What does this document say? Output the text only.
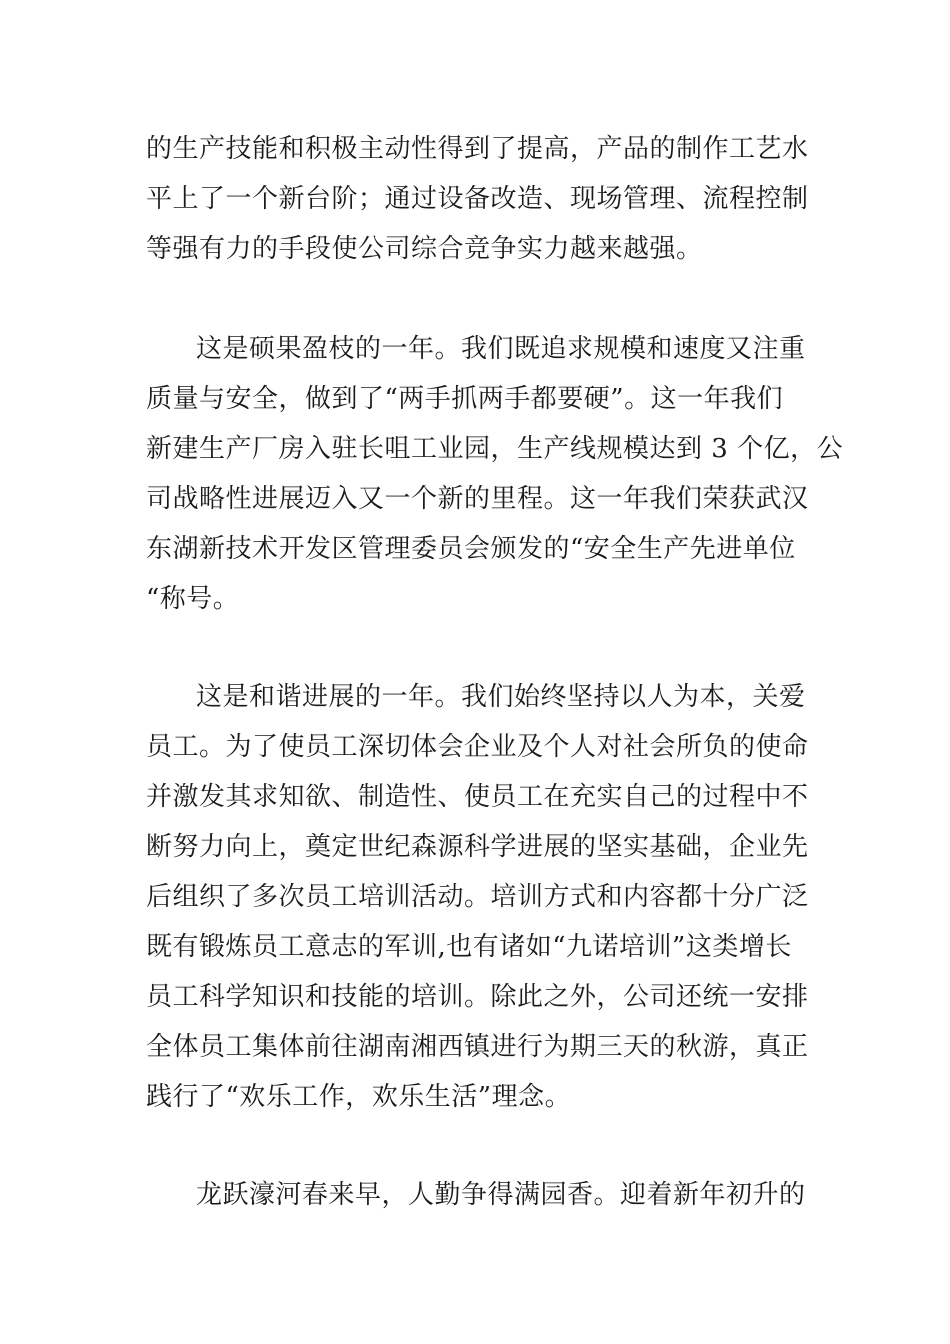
的生产技能和积极主动性得到了提高，产品的制作工艺水
平上了一个新台阶；通过设备改造、现场管理、流程控制
等强有力的手段使公司综合竞争实力越来越强。

这是硕果盈枝的一年。我们既追求规模和速度又注重
质量与安全，做到了“两手抓两手都要硬”。这一年我们
新建生产厂房入驻长咀工业园，生产线规模达到 3 个亿，公
司战略性进展迈入又一个新的里程。这一年我们荣获武汉
东湖新技术开发区管理委员会颁发的“安全生产先进单位
“称号。

这是和谐进展的一年。我们始终坚持以人为本，关爱
员工。为了使员工深切体会企业及个人对社会所负的使命
并激发其求知欲、制造性、使员工在充实自己的过程中不
断努力向上，奠定世纪森源科学进展的坚实基础，企业先
后组织了多次员工培训活动。培训方式和内容都十分广泛
既有锻炼员工意志的军训,也有诸如“九诺培训”这类增长
员工科学知识和技能的培训。除此之外，公司还统一安排
全体员工集体前往湖南湘西镇进行为期三天的秋游，真正
践行了“欢乐工作，欢乐生活”理念。

龙跃濠河春来早，人勤争得满园香。迎着新年初升的
